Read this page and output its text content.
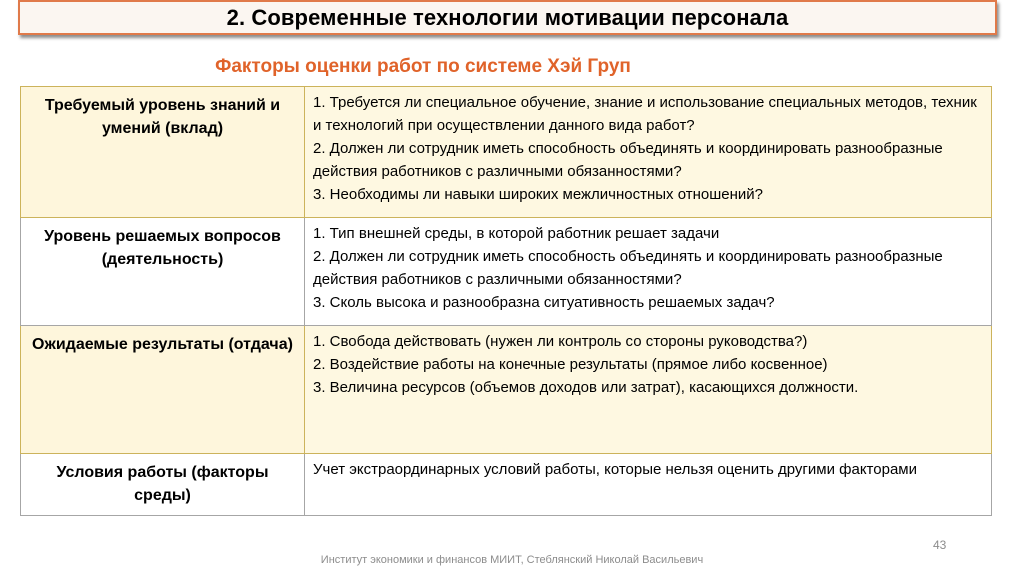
2. Современные технологии мотивации персонала
Факторы оценки работ по системе Хэй Груп
Требуемый уровень знаний и умений (вклад)	1. Требуется ли специальное обучение, знание и использование специальных методов, техник и технологий при осуществлении данного вида работ?
2. Должен ли сотрудник иметь способность объединять и координировать разнообразные действия работников с различными обязанностями?
3. Необходимы ли навыки широких межличностных отношений?

Уровень решаемых вопросов (деятельность)	1. Тип внешней среды, в которой работник решает задачи
2. Должен ли сотрудник иметь способность объединять и координировать разнообразные действия работников с различными обязанностями?
3. Сколь высока и разнообразна ситуативность решаемых задач?

Ожидаемые результаты (отдача)	1. Свобода действовать (нужен ли контроль со стороны руководства?)
2. Воздействие работы на конечные результаты (прямое либо косвенное)
3. Величина ресурсов (объемов доходов или затрат), касающихся должности.

Условия работы (факторы среды)	Учет экстраординарных условий работы, которые нельзя оценить другими факторами
43
Институт экономики и финансов МИИТ, Стеблянский Николай Васильевич
